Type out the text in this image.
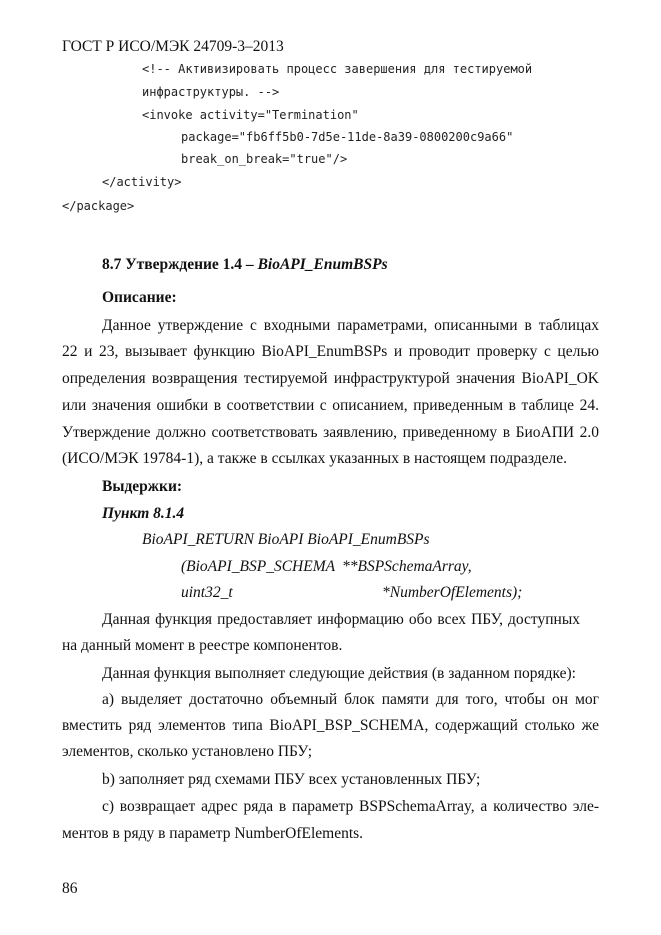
ГОСТ Р ИСО/МЭК 24709-3–2013
<!-- Активизировать процесс завершения для тестируемой
инфраструктуры. -->
<invoke activity="Termination"
package="fb6ff5b0-7d5e-11de-8a39-0800200c9a66"
break_on_break="true"/>
</activity>
</package>
8.7 Утверждение 1.4 – BioAPI_EnumBSPs
Описание:
Данное утверждение с входными параметрами, описанными в таблицах
22 и 23, вызывает функцию BioAPI_EnumBSPs и проводит проверку с целью
определения возвращения тестируемой инфраструктурой значения BioAPI_OK
или значения ошибки в соответствии с описанием, приведенным в таблице 24.
Утверждение должно соответствовать заявлению, приведенному в БиоАПИ 2.0
(ИСО/МЭК 19784-1), а также в ссылках указанных в настоящем подразделе.
Выдержки:
Пункт 8.1.4
BioAPI_RETURN BioAPI BioAPI_EnumBSPs
(BioAPI_BSP_SCHEMA **BSPSchemaArray,
uint32_t	*NumberOfElements);
Данная функция предоставляет информацию обо всех ПБУ, доступных
на данный момент в реестре компонентов.
Данная функция выполняет следующие действия (в заданном порядке):
а) выделяет достаточно объемный блок памяти для того, чтобы он мог
вместить ряд элементов типа BioAPI_BSP_SCHEMA, содержащий столько же
элементов, сколько установлено ПБУ;
b) заполняет ряд схемами ПБУ всех установленных ПБУ;
c) возвращает адрес ряда в параметр BSPSchemaArray, а количество эле-
ментов в ряду в параметр NumberOfElements.
86
